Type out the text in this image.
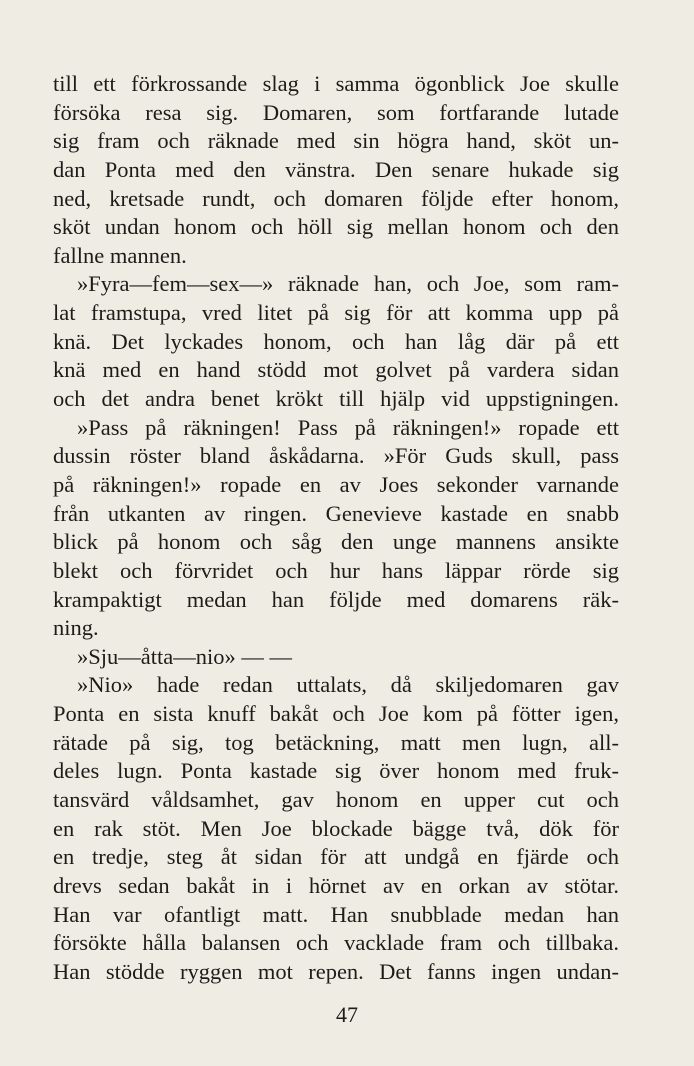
till ett förkrossande slag i samma ögonblick Joe skulle
försöka resa sig. Domaren, som fortfarande lutade
sig fram och räknade med sin högra hand, sköt un-
dan Ponta med den vänstra. Den senare hukade sig
ned, kretsade rundt, och domaren följde efter honom,
sköt undan honom och höll sig mellan honom och den
fallne mannen.
»Fyra—fem—sex—» räknade han, och Joe, som ram-
lat framstupa, vred litet på sig för att komma upp på
knä. Det lyckades honom, och han låg där på ett
knä med en hand stödd mot golvet på vardera sidan
och det andra benet krökt till hjälp vid uppstigningen.
»Pass på räkningen! Pass på räkningen!» ropade ett
dussin röster bland åskådarna. »För Guds skull, pass
på räkningen!» ropade en av Joes sekonder varnande
från utkanten av ringen. Genevieve kastade en snabb
blick på honom och såg den unge mannens ansikte
blekt och förvridet och hur hans läppar rörde sig
krampaktigt medan han följde med domarens räk-
ning.
»Sju—åtta—nio» — —
»Nio» hade redan uttalats, då skiljedomaren gav
Ponta en sista knuff bakåt och Joe kom på fötter igen,
rätade på sig, tog betäckning, matt men lugn, all-
deles lugn. Ponta kastade sig över honom med fruk-
tansvärd våldsamhet, gav honom en upper cut och
en rak stöt. Men Joe blockade bägge två, dök för
en tredje, steg åt sidan för att undgå en fjärde och
drevs sedan bakåt in i hörnet av en orkan av stötar.
Han var ofantligt matt. Han snubblade medan han
försökte hålla balansen och vacklade fram och tillbaka.
Han stödde ryggen mot repen. Det fanns ingen undan-
47
